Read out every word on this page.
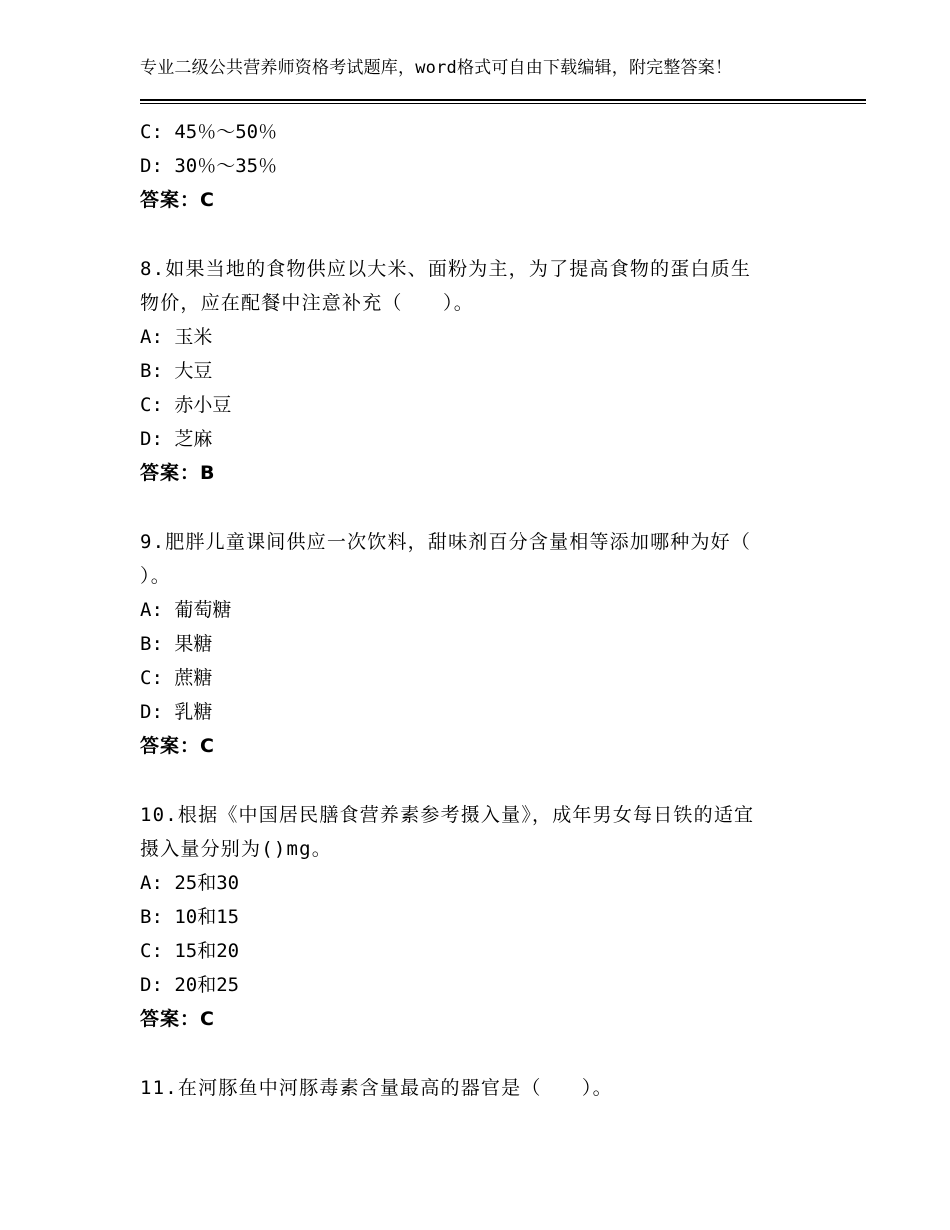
专业二级公共营养师资格考试题库，word格式可自由下载编辑，附完整答案！
C: 45％～50％
D: 30％～35％
答案：C
8.如果当地的食物供应以大米、面粉为主，为了提高食物的蛋白质生
物价，应在配餐中注意补充（　　）。
A: 玉米
B: 大豆
C: 赤小豆
D: 芝麻
答案：B
9.肥胖儿童课间供应一次饮料，甜味剂百分含量相等添加哪种为好（
）。
A: 葡萄糖
B: 果糖
C: 蔗糖
D: 乳糖
答案：C
10.根据《中国居民膳食营养素参考摄入量》，成年男女每日铁的适宜
摄入量分别为()mg。
A: 25和30
B: 10和15
C: 15和20
D: 20和25
答案：C
11.在河豚鱼中河豚毒素含量最高的器官是（　　）。
